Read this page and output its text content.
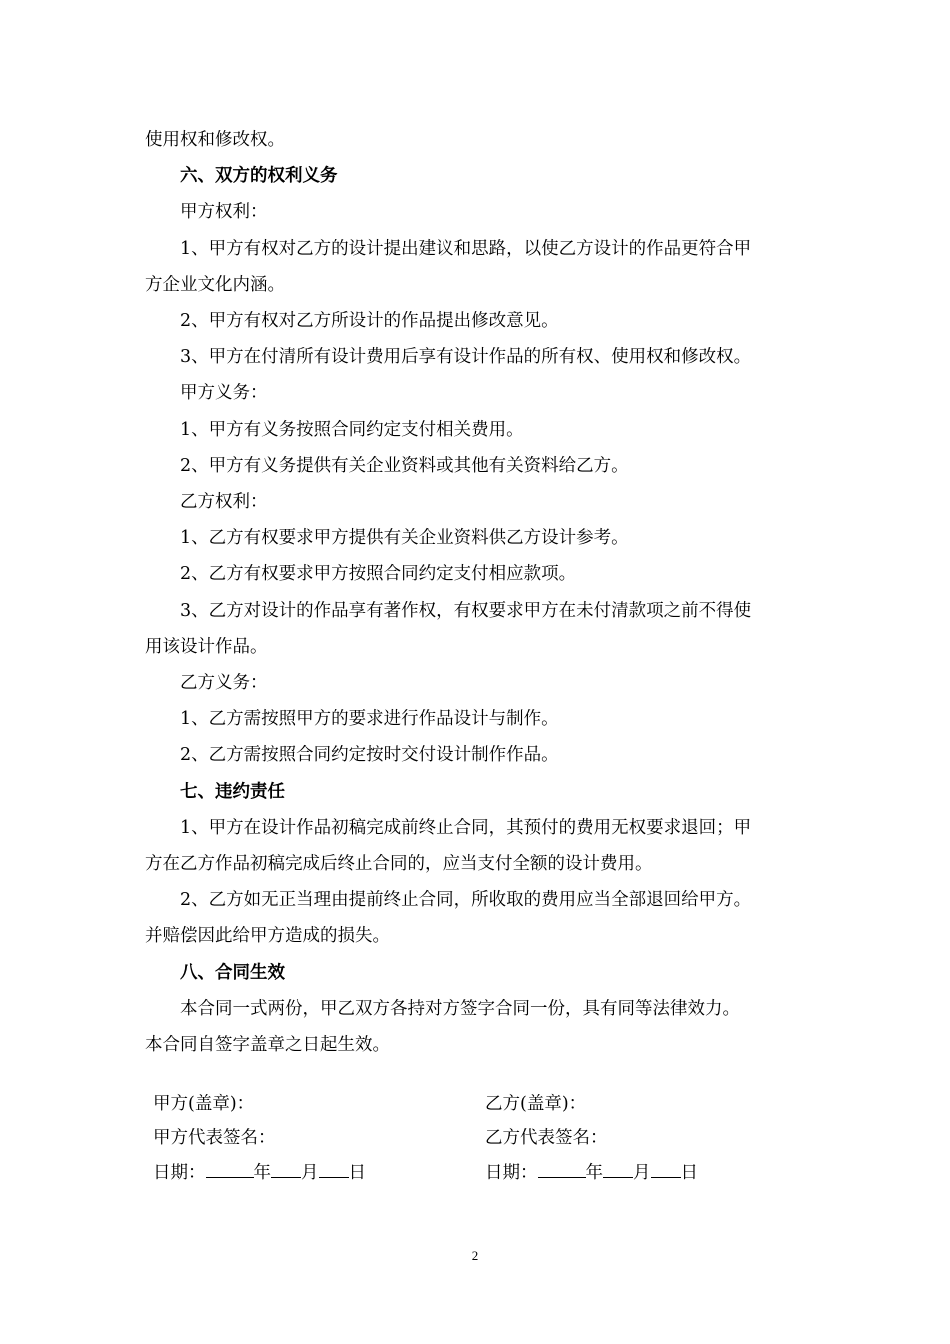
使用权和修改权。
六、双方的权利义务
甲方权利：
1、甲方有权对乙方的设计提出建议和思路，以使乙方设计的作品更符合甲
方企业文化内涵。
2、甲方有权对乙方所设计的作品提出修改意见。
3、甲方在付清所有设计费用后享有设计作品的所有权、使用权和修改权。
甲方义务：
1、甲方有义务按照合同约定支付相关费用。
2、甲方有义务提供有关企业资料或其他有关资料给乙方。
乙方权利：
1、乙方有权要求甲方提供有关企业资料供乙方设计参考。
2、乙方有权要求甲方按照合同约定支付相应款项。
3、乙方对设计的作品享有著作权，有权要求甲方在未付清款项之前不得使
用该设计作品。
乙方义务：
1、乙方需按照甲方的要求进行作品设计与制作。
2、乙方需按照合同约定按时交付设计制作作品。
七、违约责任
1、甲方在设计作品初稿完成前终止合同，其预付的费用无权要求退回；甲
方在乙方作品初稿完成后终止合同的，应当支付全额的设计费用。
2、乙方如无正当理由提前终止合同，所收取的费用应当全部退回给甲方。
并赔偿因此给甲方造成的损失。
八、合同生效
本合同一式两份，甲乙双方各持对方签字合同一份，具有同等法律效力。
本合同自签字盖章之日起生效。
甲方(盖章)：
甲方代表签名：
日期：	年 月 日
乙方(盖章)：
乙方代表签名：
日期：	年 月 日
2
